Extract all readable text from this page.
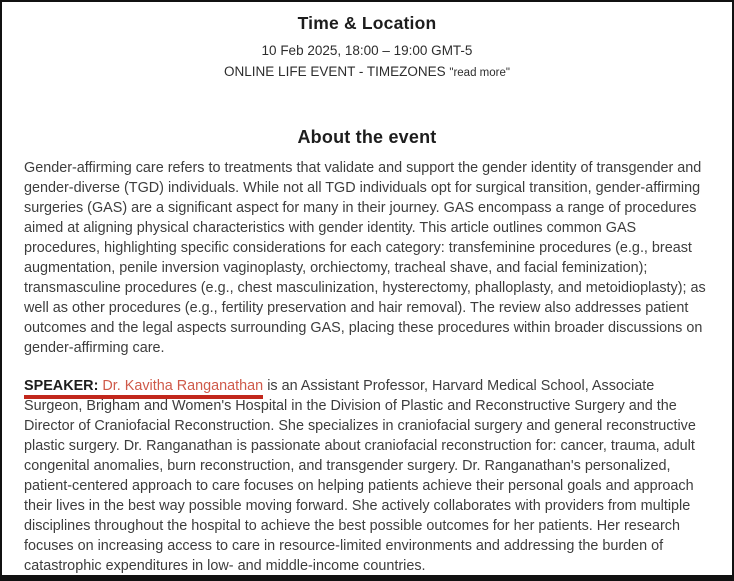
Time & Location

10 Feb 2025, 18:00 – 19:00 GMT-5

ONLINE LIFE EVENT - TIMEZONES "read more"

About the event

Gender-affirming care refers to treatments that validate and support the gender identity of transgender and gender-diverse (TGD) individuals. While not all TGD individuals opt for surgical transition, gender-affirming surgeries (GAS) are a significant aspect for many in their journey. GAS encompass a range of procedures aimed at aligning physical characteristics with gender identity. This article outlines common GAS procedures, highlighting specific considerations for each category: transfeminine procedures (e.g., breast augmentation, penile inversion vaginoplasty, orchiectomy, tracheal shave, and facial feminization); transmasculine procedures (e.g., chest masculinization, hysterectomy, phalloplasty, and metoidioplasty); as well as other procedures (e.g., fertility preservation and hair removal). The review also addresses patient outcomes and the legal aspects surrounding GAS, placing these procedures within broader discussions on gender-affirming care.

SPEAKER: Dr. Kavitha Ranganathan is an Assistant Professor, Harvard Medical School, Associate Surgeon, Brigham and Women's Hospital in the Division of Plastic and Reconstructive Surgery and the Director of Craniofacial Reconstruction. She specializes in craniofacial surgery and general reconstructive plastic surgery. Dr. Ranganathan is passionate about craniofacial reconstruction for: cancer, trauma, adult congenital anomalies, burn reconstruction, and transgender surgery. Dr. Ranganathan's personalized, patient-centered approach to care focuses on helping patients achieve their personal goals and approach their lives in the best way possible moving forward. She actively collaborates with providers from multiple disciplines throughout the hospital to achieve the best possible outcomes for her patients. Her research focuses on increasing access to care in resource-limited environments and addressing the burden of catastrophic expenditures in low- and middle-income countries.
